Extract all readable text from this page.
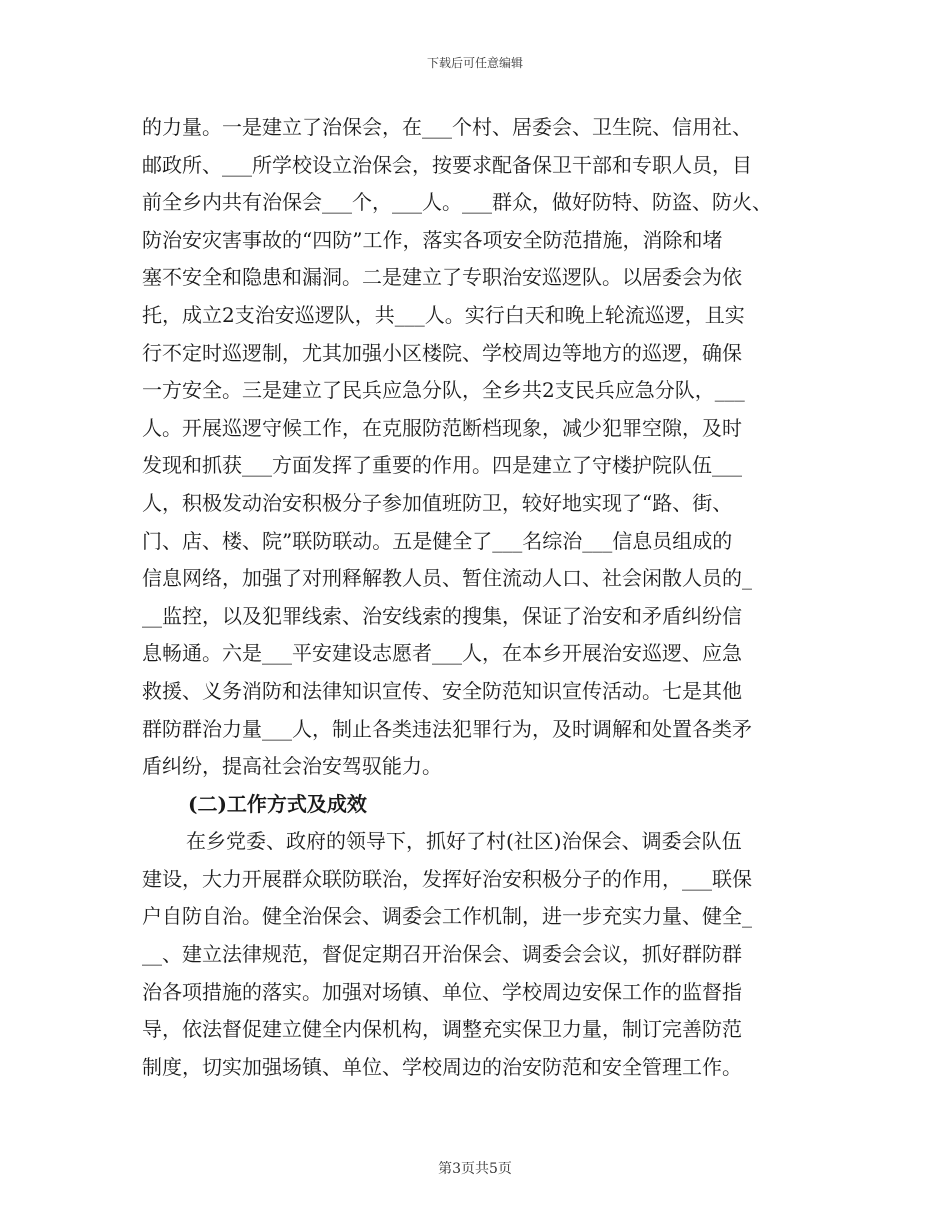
下载后可任意编辑
的力量。一是建立了治保会，在___个村、居委会、卫生院、信用社、
邮政所、___所学校设立治保会，按要求配备保卫干部和专职人员，目
前全乡内共有治保会___个，___人。___群众，做好防特、防盗、防火、
防治安灾害事故的“四防”工作，落实各项安全防范措施，消除和堵
塞不安全和隐患和漏洞。二是建立了专职治安巡逻队。以居委会为依
托，成立2支治安巡逻队，共___人。实行白天和晚上轮流巡逻，且实
行不定时巡逻制，尤其加强小区楼院、学校周边等地方的巡逻，确保
一方安全。三是建立了民兵应急分队，全乡共2支民兵应急分队，___
人。开展巡逻守候工作，在克服防范断档现象，减少犯罪空隙，及时
发现和抓获___方面发挥了重要的作用。四是建立了守楼护院队伍___
人，积极发动治安积极分子参加值班防卫，较好地实现了“路、街、
门、店、楼、院”联防联动。五是健全了___名综治___信息员组成的
信息网络，加强了对刑释解教人员、暂住流动人口、社会闲散人员的_
__监控，以及犯罪线索、治安线索的搜集，保证了治安和矛盾纠纷信
息畅通。六是___平安建设志愿者___人，在本乡开展治安巡逻、应急
救援、义务消防和法律知识宣传、安全防范知识宣传活动。七是其他
群防群治力量___人，制止各类违法犯罪行为，及时调解和处置各类矛
盾纠纷，提高社会治安驾驭能力。
(二)工作方式及成效
在乡党委、政府的领导下，抓好了村(社区)治保会、调委会队伍
建设，大力开展群众联防联治，发挥好治安积极分子的作用，___联保
户自防自治。健全治保会、调委会工作机制，进一步充实力量、健全_
__、建立法律规范，督促定期召开治保会、调委会会议，抓好群防群
治各项措施的落实。加强对场镇、单位、学校周边安保工作的监督指
导，依法督促建立健全内保机构，调整充实保卫力量，制订完善防范
制度，切实加强场镇、单位、学校周边的治安防范和安全管理工作。
第3页共5页
